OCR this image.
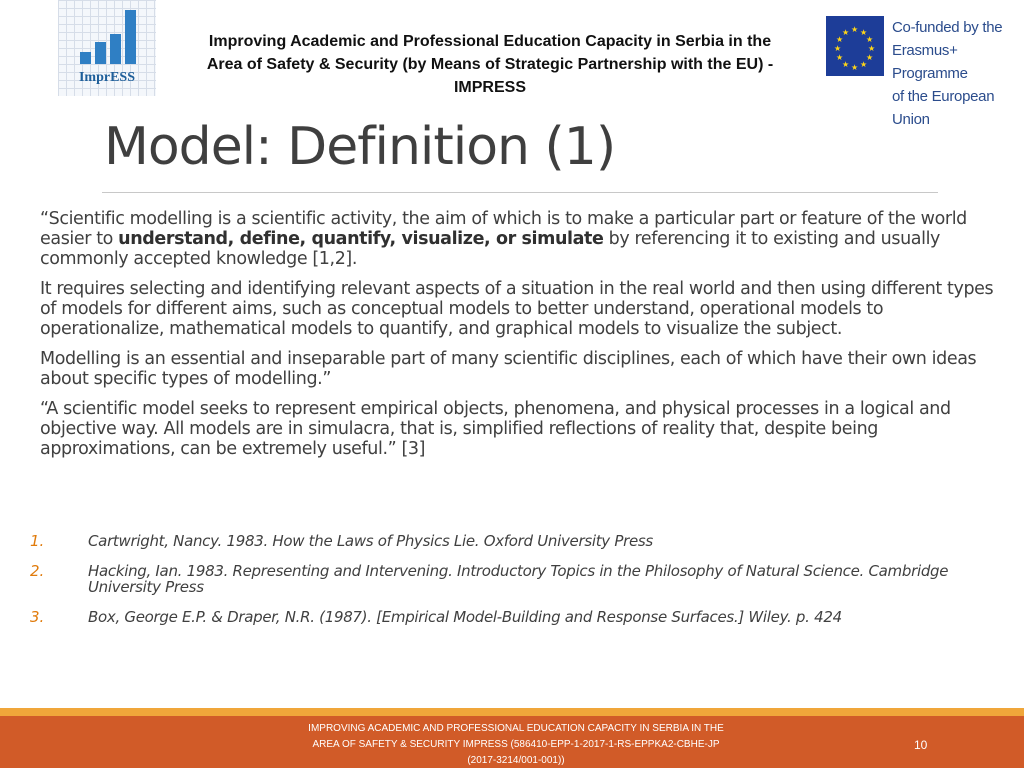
ImprESS
Improving Academic and Professional Education Capacity in Serbia in the Area of Safety & Security (by Means of Strategic Partnership with the EU) - IMPRESS
★ ★
★
★
★
★
★
★
★
★
★
★	Co-funded by the
Erasmus+ Programme
of the European Union
Model: Definition (1)

“Scientific modelling is a scientific activity, the aim of which is to make a particular part or feature of the world easier to understand, define, quantify, visualize, or simulate by referencing it to existing and usually commonly accepted knowledge [1,2].

It requires selecting and identifying relevant aspects of a situation in the real world and then using different types of models for different aims, such as conceptual models to better understand, operational models to operationalize, mathematical models to quantify, and graphical models to visualize the subject.

Modelling is an essential and inseparable part of many scientific disciplines, each of which have their own ideas about specific types of modelling.”

“A scientific model seeks to represent empirical objects, phenomena, and physical processes in a logical and objective way. All models are in simulacra, that is, simplified reflections of reality that, despite being approximations, can be extremely useful.” [3]

1.	Cartwright, Nancy. 1983. How the Laws of Physics Lie. Oxford University Press
2.	Hacking, Ian. 1983. Representing and Intervening. Introductory Topics in the Philosophy of Natural Science. Cambridge University Press
3.	Box, George E.P. & Draper, N.R. (1987). [Empirical Model-Building and Response Surfaces.] Wiley. p. 424
IMPROVING ACADEMIC AND PROFESSIONAL EDUCATION CAPACITY IN SERBIA IN THE AREA OF SAFETY & SECURITY IMPRESS (586410-EPP-1-2017-1-RS-EPPKA2-CBHE-JP (2017-3214/001-001))
10
